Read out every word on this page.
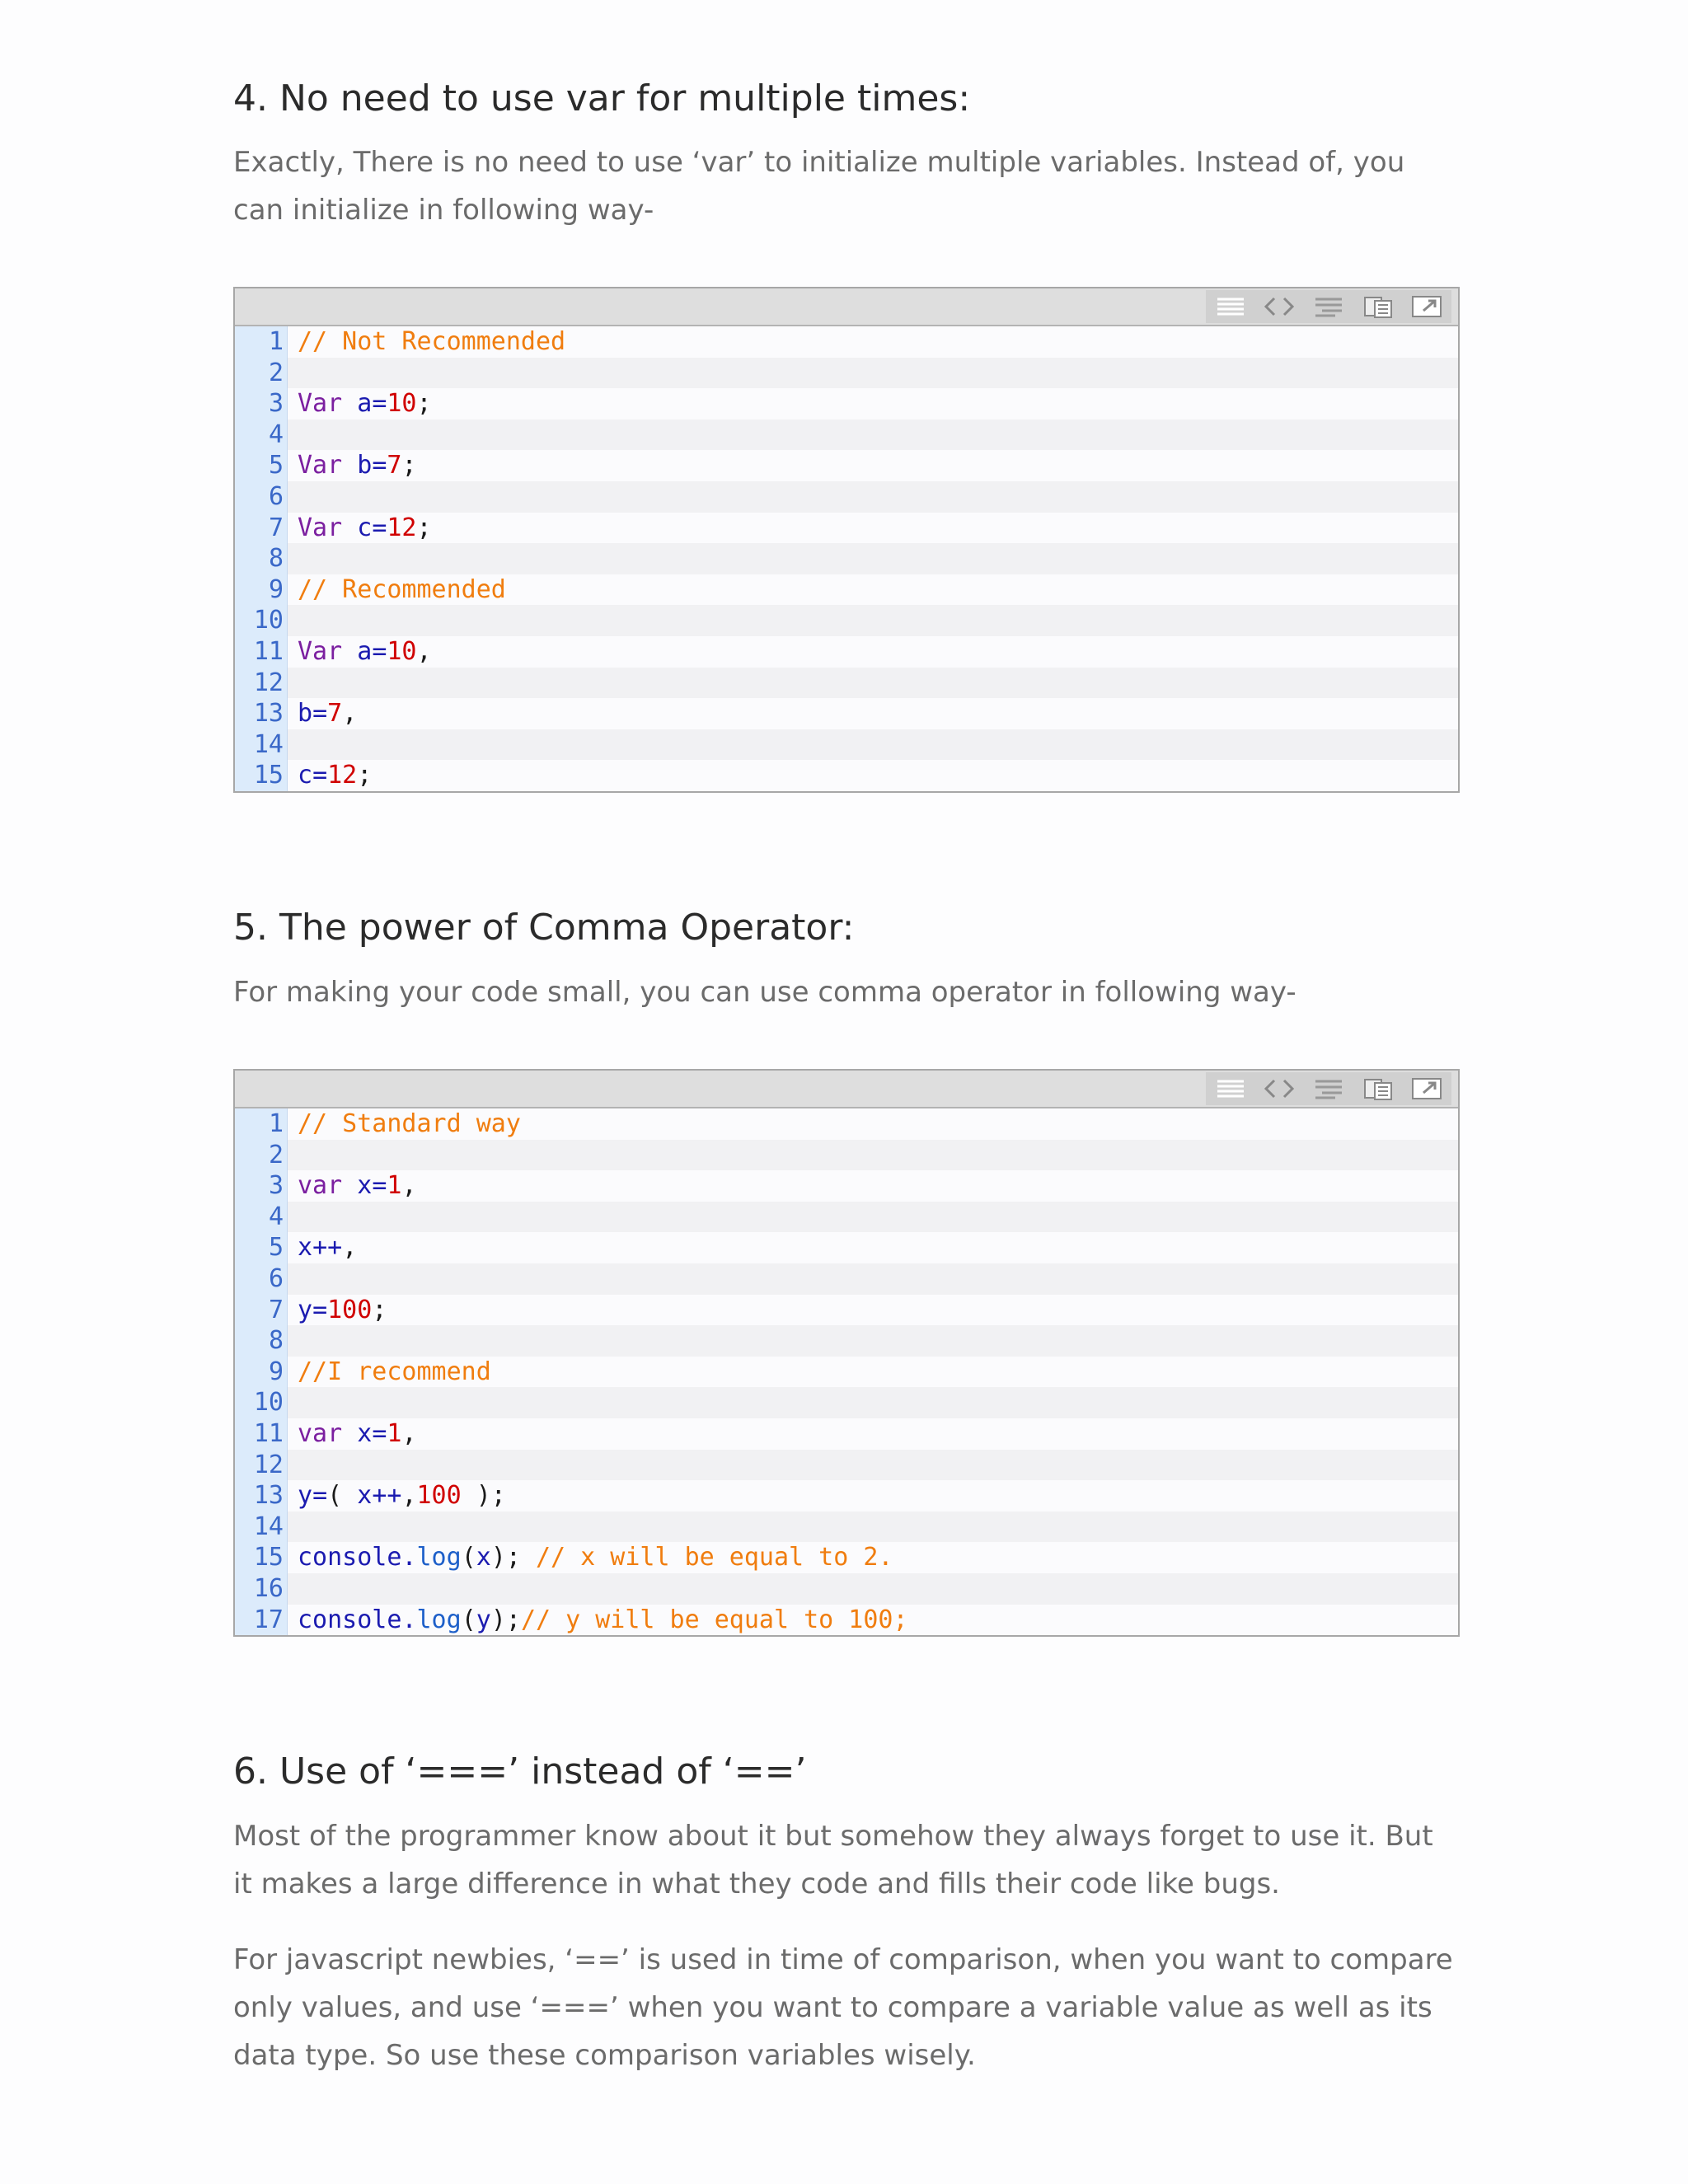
4. No need to use var for multiple times:

Exactly, There is no need to use ‘var’ to initialize multiple variables. Instead of, you can initialize in following way-

1 // Not Recommended
2
3 Var a=10;
4
5 Var b=7;
6
7 Var c=12;
8
9 // Recommended
10
11 Var a=10,
12
13 b=7,
14
15 c=12;
5. The power of Comma Operator:

For making your code small, you can use comma operator in following way-

1 // Standard way
2
3 var x=1,
4
5 x++,
6
7 y=100;
8
9 //I recommend
10
11 var x=1,
12
13 y=( x++,100 );
14
15 console.log(x); // x will be equal to 2.
16
17 console.log(y);// y will be equal to 100;
6. Use of ‘===’ instead of ‘==’

Most of the programmer know about it but somehow they always forget to use it. But it makes a large difference in what they code and fills their code like bugs.

For javascript newbies, ‘==’ is used in time of comparison, when you want to compare only values, and use ‘===’ when you want to compare a variable value as well as its data type. So use these comparison variables wisely.
